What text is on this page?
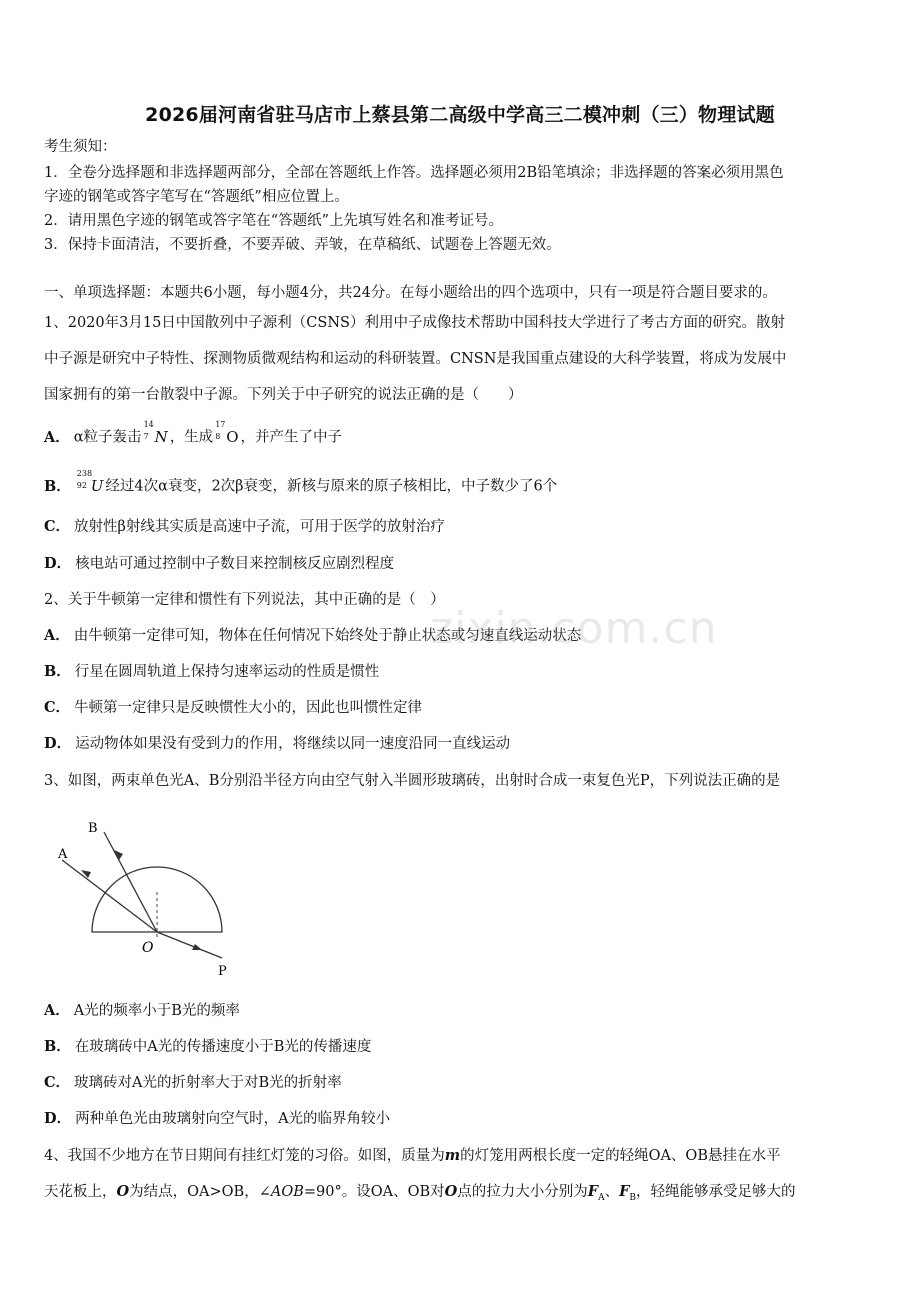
2026届河南省驻马店市上蔡县第二高级中学高三二模冲刺（三）物理试题
考生须知：
1．全卷分选择题和非选择题两部分，全部在答题纸上作答。选择题必须用2B铅笔填涂；非选择题的答案必须用黑色
字迹的钢笔或答字笔写在“答题纸”相应位置上。
2．请用黑色字迹的钢笔或答字笔在“答题纸”上先填写姓名和准考证号。
3．保持卡面清洁，不要折叠，不要弄破、弄皱，在草稿纸、试题卷上答题无效。
一、单项选择题：本题共6小题，每小题4分，共24分。在每小题给出的四个选项中，只有一项是符合题目要求的。
1、2020年3月15日中国散列中子源利（CSNS）利用中子成像技术帮助中国科技大学进行了考古方面的研究。散射
中子源是研究中子特性、探测物质微观结构和运动的科研装置。CNSN是我国重点建设的大科学装置，将成为发展中
国家拥有的第一台散裂中子源。下列关于中子研究的说法正确的是（　　）
A． α粒子轰击
14
7 N ，生成
17
8 O ，并产生了中子
B．
238
92 U 经过4次α衰变，2次β衰变，新核与原来的原子核相比，中子数少了6个
C． 放射性β射线其实质是高速中子流，可用于医学的放射治疗
D． 核电站可通过控制中子数目来控制核反应剧烈程度
2、关于牛顿第一定律和惯性有下列说法，其中正确的是（　）
A． 由牛顿第一定律可知，物体在任何情况下始终处于静止状态或匀速直线运动状态
B． 行星在圆周轨道上保持匀速率运动的性质是惯性
C． 牛顿第一定律只是反映惯性大小的，因此也叫惯性定律
D． 运动物体如果没有受到力的作用，将继续以同一速度沿同一直线运动
3、如图，两束单色光A、B分别沿半径方向由空气射入半圆形玻璃砖，出射时合成一束复色光P，下列说法正确的是
A
B
O
P
A． A光的频率小于B光的频率
B． 在玻璃砖中A光的传播速度小于B光的传播速度
C． 玻璃砖对A光的折射率大于对B光的折射率
D． 两种单色光由玻璃射向空气时，A光的临界角较小
4、我国不少地方在节日期间有挂红灯笼的习俗。如图，质量为m的灯笼用两根长度一定的轻绳OA、OB悬挂在水平
天花板上，O为结点，OA>OB，∠AOB=90°。设OA、OB对O点的拉力大小分别为$F_A$、$F_B$，轻绳能够承受足够大的
zixin.com.cn
